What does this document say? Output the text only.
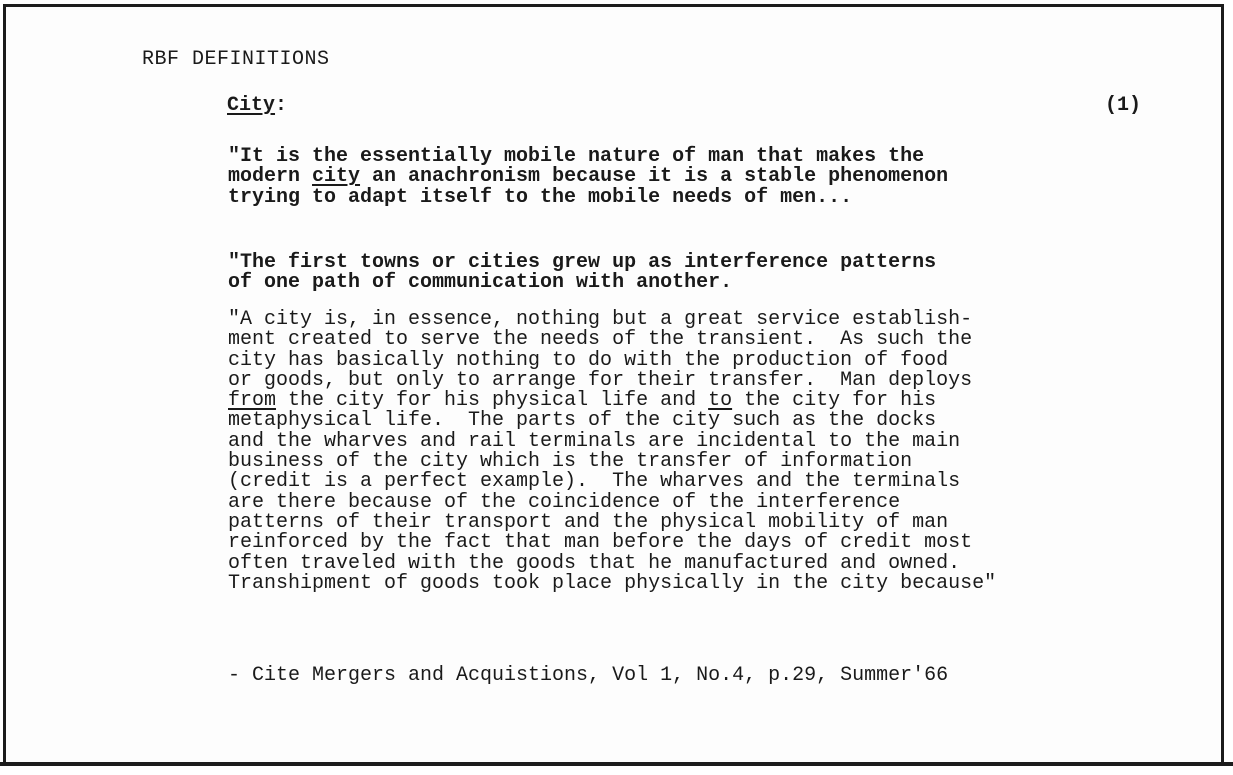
RBF DEFINITIONS
City:	(1)
"It is the essentially mobile nature of man that makes the
modern city an anachronism because it is a stable phenomenon
trying to adapt itself to the mobile needs of men...
"The first towns or cities grew up as interference patterns
of one path of communication with another.
"A city is, in essence, nothing but a great service establish-
ment created to serve the needs of the transient.  As such the
city has basically nothing to do with the production of food
or goods, but only to arrange for their transfer.  Man deploys
from the city for his physical life and to the city for his
metaphysical life.  The parts of the city such as the docks
and the wharves and rail terminals are incidental to the main
business of the city which is the transfer of information
(credit is a perfect example).  The wharves and the terminals
are there because of the coincidence of the interference
patterns of their transport and the physical mobility of man
reinforced by the fact that man before the days of credit most
often traveled with the goods that he manufactured and owned.
Transhipment of goods took place physically in the city because"
- Cite Mergers and Acquistions, Vol 1, No.4, p.29, Summer'66
